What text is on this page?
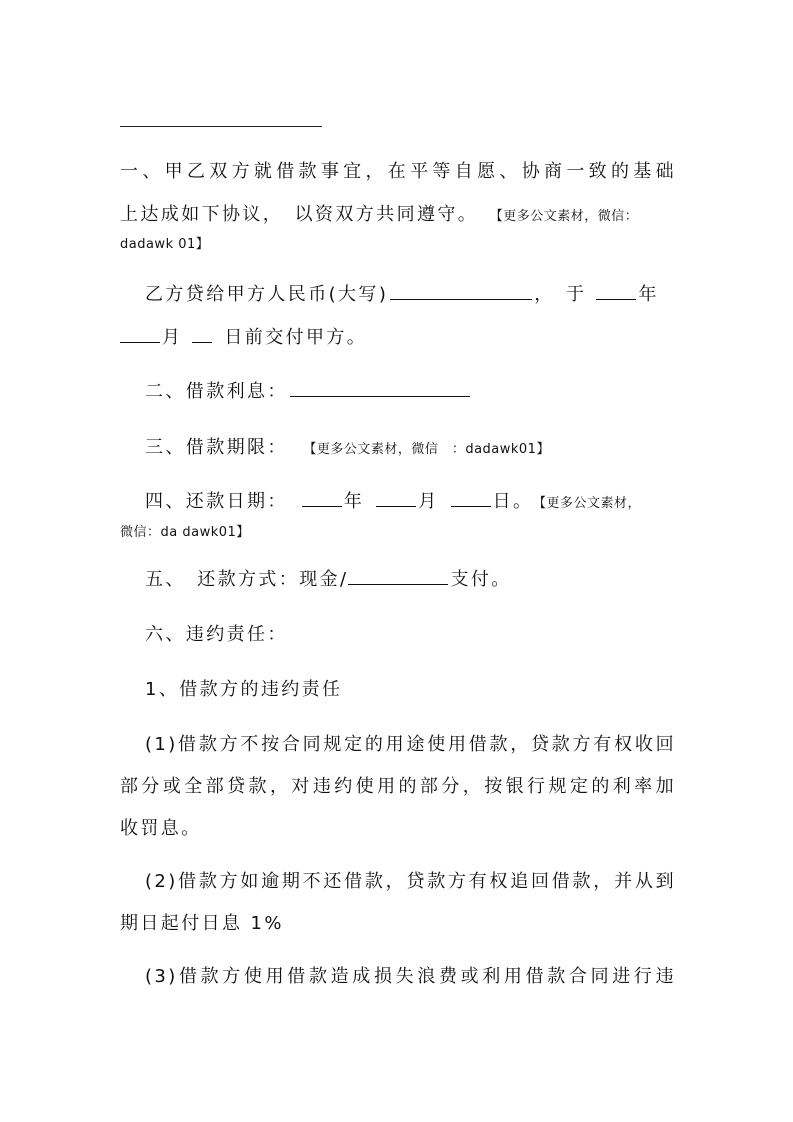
一、甲乙双方就借款事宜，在平等自愿、协商一致的基础
上达成如下协议，　以资双方共同遵守。 【更多公文素材，微信：
dadawk 01】
乙方贷给甲方人民币(大写)	，　于	年
月 日前交付甲方。
二、借款利息：
三、借款期限： 【更多公文素材，微信　：dadawk01】
四、还款日期：	年	月	日。 【更多公文素材，
微信：da dawk01】
五、　还款方式：现金/	支付。
六、违约责任：
1、借款方的违约责任
(1)借款方不按合同规定的用途使用借款，贷款方有权收回
部分或全部贷款，对违约使用的部分，按银行规定的利率加
收罚息。
(2)借款方如逾期不还借款，贷款方有权追回借款，并从到
期日起付日息 1%
(3)借款方使用借款造成损失浪费或利用借款合同进行违
